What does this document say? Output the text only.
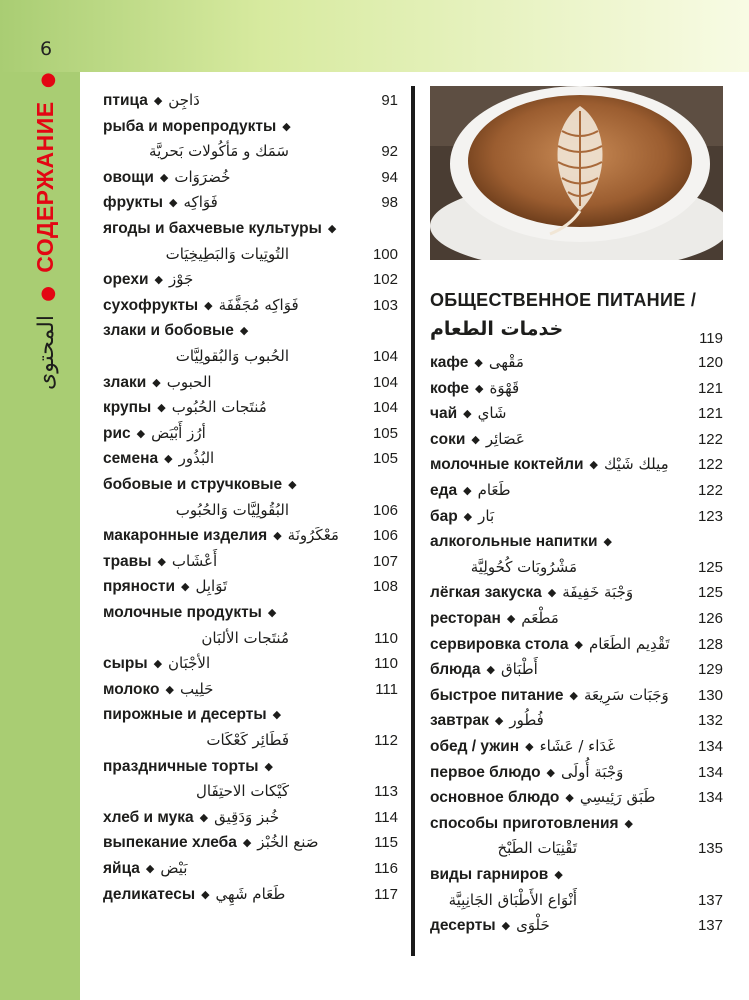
6
المحتوى ● СОДЕРЖАНИЕ ●
птица ◆ دَاجِن	91
рыба и морепродукты ◆
سَمَك و مَأكُولات بَحريَّة	92
овощи ◆ خُضرَوَات	94
фрукты ◆ فَوَاكِه	98
ягоды и бахчевые культуры ◆
التُوتِيات وَالبَطِيخِيَات	100
орехи ◆ جَوْز	102
сухофрукты ◆ فَوَاكِه مُجَفَّفَة	103
злаки и бобовые ◆
الحُبوب وَالبُقولِيَّات	104
злаки ◆ الحبوب	104
крупы ◆ مُنتَجات الحُبُوب	104
рис ◆ أرُز أَبْيَض	105
семена ◆ البُذُور	105
бобовые и стручковые ◆
البُقُولِيَّات وَالحُبُوب	106
макаронные изделия ◆ مَعْكَرُونَة	106
травы ◆ أَعْشَاب	107
пряности ◆ تَوَابِل	108
молочные продукты ◆
مُنتَجات الألبَان	110
сыры ◆ الأجْبَان	110
молоко ◆ حَلِيب	111
пирожные и десерты ◆
فَطَائِر كَعْكَات	112
праздничные торты ◆
كَيْكات الاحتِفَال	113
хлеб и мука ◆ خُبز وَدَقِيق	114
выпекание хлеба ◆ صَنع الخُبْز	115
яйца ◆ بَيْض	116
деликатесы ◆ طَعَام شَهِي	117
ОБЩЕСТВЕННОЕ ПИТАНИЕ /
خدمات الطعام	119
кафе ◆ مَقْهى	120
кофе ◆ قَهْوَة	121
чай ◆ شَاي	121
соки ◆ عَصَائِر	122
молочные коктейли ◆ مِيلك شَيْك	122
еда ◆ طَعَام	122
бар ◆ بَار	123
алкогольные напитки ◆
مَشْرُوبَات كُحُولِيَّة	125
лёгкая закуска ◆ وَجْبَة خَفِيفَة	125
ресторан ◆ مَطْعَم	126
сервировка стола ◆ تَقْدِيم الطَعَام	128
блюда ◆ أَطْبَاق	129
быстрое питание ◆ وَجَبَات سَرِيعَة	130
завтрак ◆ فُطُور	132
обед / ужин ◆ غَدَاء / عَشَاء	134
первое блюдо ◆ وَجْبَة أُولَى	134
основное блюдо ◆ طَبَق رَئِيسِي	134
способы приготовления ◆
تَقْنِيَات الطَبْخ	135
виды гарниров ◆
أَنْوَاع الأَطْبَاق الجَانِبِيَّة	137
десерты ◆ حَلْوَى	137
